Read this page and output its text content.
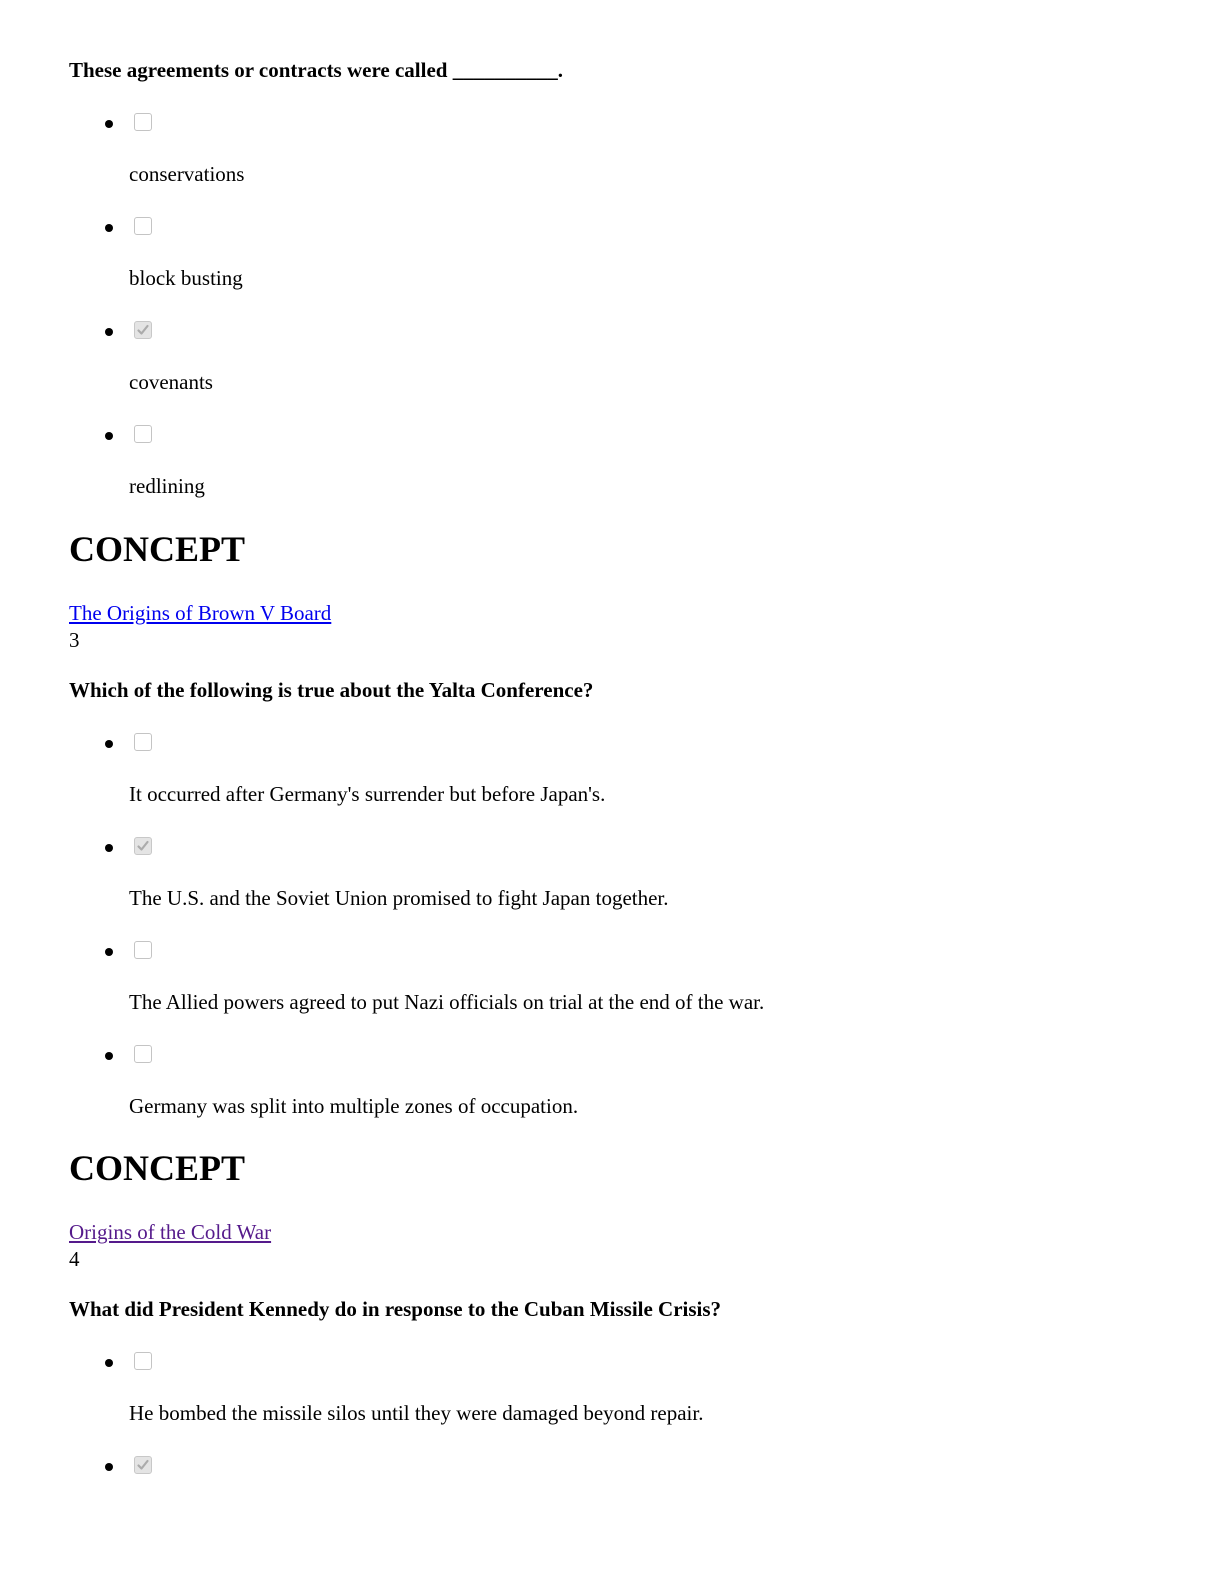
These agreements or contracts were called __________.
conservations
block busting
covenants
redlining
CONCEPT
The Origins of Brown V Board
3
Which of the following is true about the Yalta Conference?
It occurred after Germany's surrender but before Japan's.
The U.S. and the Soviet Union promised to fight Japan together.
The Allied powers agreed to put Nazi officials on trial at the end of the war.
Germany was split into multiple zones of occupation.
CONCEPT
Origins of the Cold War
4
What did President Kennedy do in response to the Cuban Missile Crisis?
He bombed the missile silos until they were damaged beyond repair.
